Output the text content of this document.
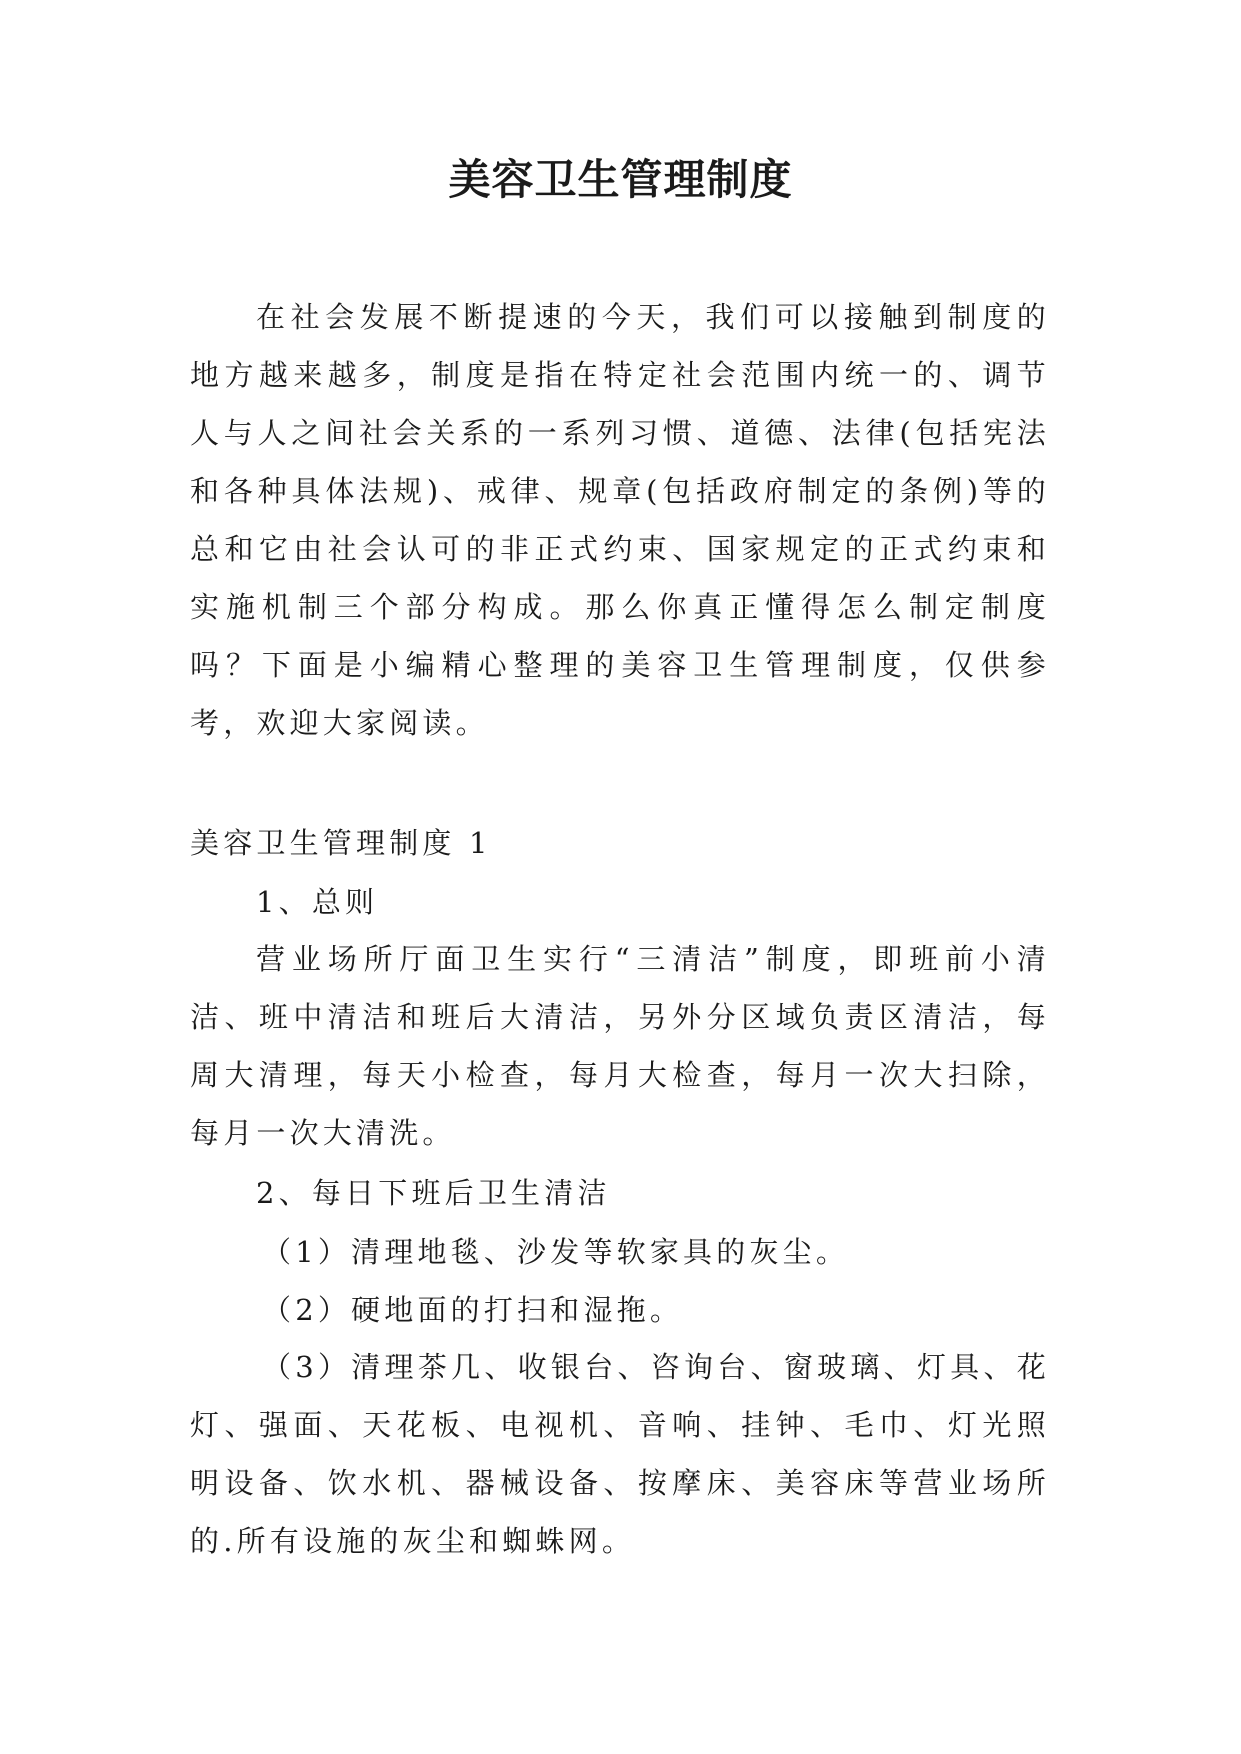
美容卫生管理制度

在社会发展不断提速的今天，我们可以接触到制度的地方越来越多，制度是指在特定社会范围内统一的、调节人与人之间社会关系的一系列习惯、道德、法律(包括宪法和各种具体法规)、戒律、规章(包括政府制定的条例)等的总和它由社会认可的非正式约束、国家规定的正式约束和实施机制三个部分构成。那么你真正懂得怎么制定制度吗？下面是小编精心整理的美容卫生管理制度，仅供参考，欢迎大家阅读。

美容卫生管理制度 1

1、总则

营业场所厅面卫生实行“三清洁”制度，即班前小清洁、班中清洁和班后大清洁，另外分区域负责区清洁，每周大清理，每天小检查，每月大检查，每月一次大扫除，每月一次大清洗。

2、每日下班后卫生清洁

（1）清理地毯、沙发等软家具的灰尘。

（2）硬地面的打扫和湿拖。

（3）清理茶几、收银台、咨询台、窗玻璃、灯具、花灯、强面、天花板、电视机、音响、挂钟、毛巾、灯光照明设备、饮水机、器械设备、按摩床、美容床等营业场所的.所有设施的灰尘和蜘蛛网。
